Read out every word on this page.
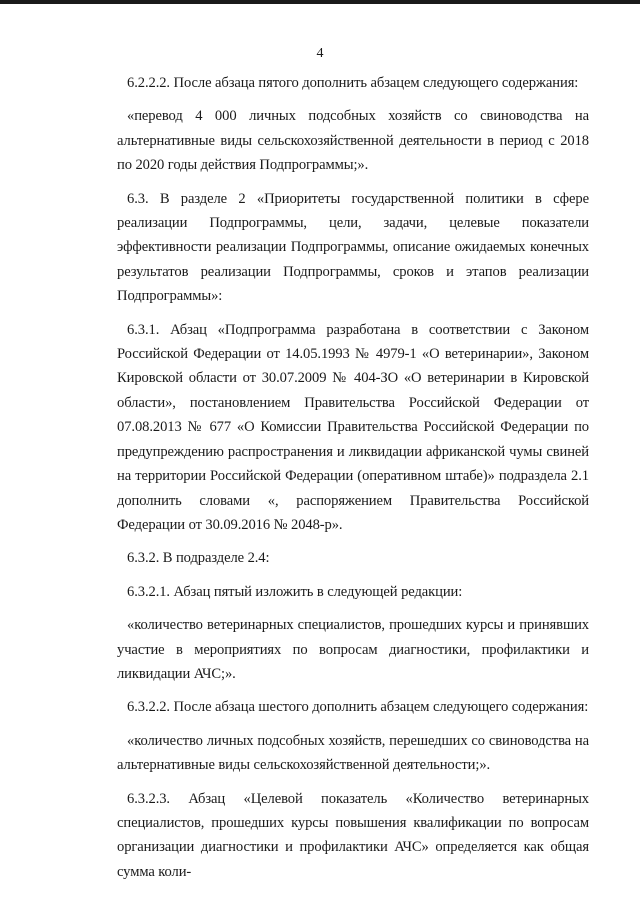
4

6.2.2.2. После абзаца пятого дополнить абзацем следующего содержания:

«перевод 4 000 личных подсобных хозяйств со свиноводства на альтернативные виды сельскохозяйственной деятельности в период с 2018 по 2020 годы действия Подпрограммы;».

6.3. В разделе 2 «Приоритеты государственной политики в сфере реализации Подпрограммы, цели, задачи, целевые показатели эффективности реализации Подпрограммы, описание ожидаемых конечных результатов реализации Подпрограммы, сроков и этапов реализации Подпрограммы»:

6.3.1. Абзац «Подпрограмма разработана в соответствии с Законом Российской Федерации от 14.05.1993 № 4979-1 «О ветеринарии», Законом Кировской области от 30.07.2009 № 404-ЗО «О ветеринарии в Кировской области», постановлением Правительства Российской Федерации от 07.08.2013 № 677 «О Комиссии Правительства Российской Федерации по предупреждению распространения и ликвидации африканской чумы свиней на территории Российской Федерации (оперативном штабе)» подраздела 2.1 дополнить словами «, распоряжением Правительства Российской Федерации от 30.09.2016 № 2048-р».

6.3.2. В подразделе 2.4:

6.3.2.1. Абзац пятый изложить в следующей редакции:

«количество ветеринарных специалистов, прошедших курсы и принявших участие в мероприятиях по вопросам диагностики, профилактики и ликвидации АЧС;».

6.3.2.2. После абзаца шестого дополнить абзацем следующего содержания:

«количество личных подсобных хозяйств, перешедших со свиноводства на альтернативные виды сельскохозяйственной деятельности;».

6.3.2.3. Абзац «Целевой показатель «Количество ветеринарных специалистов, прошедших курсы повышения квалификации по вопросам организации диагностики и профилактики АЧС» определяется как общая сумма коли-
